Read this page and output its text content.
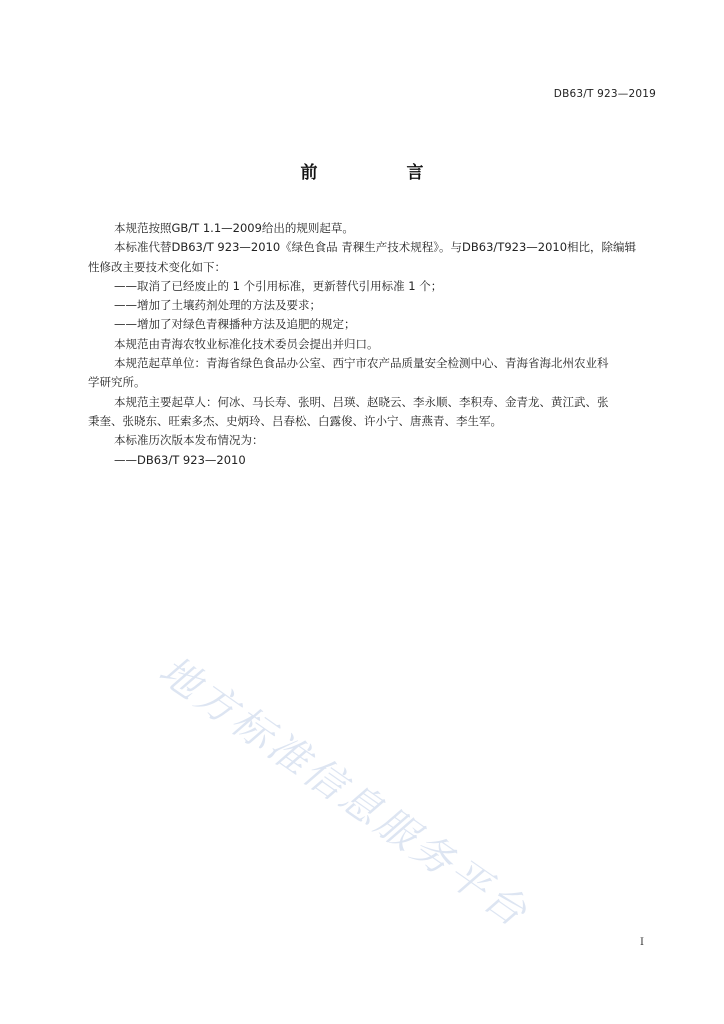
DB63/T 923—2019
前　言

本规范按照GB/T 1.1—2009给出的规则起草。

本标准代替DB63/T 923—2010《绿色食品 青稞生产技术规程》。与DB63/T923—2010相比，除编辑

性修改主要技术变化如下：

——取消了已经废止的 1 个引用标准，更新替代引用标准 1 个；

——增加了土壤药剂处理的方法及要求；

——增加了对绿色青稞播种方法及追肥的规定；

本规范由青海农牧业标准化技术委员会提出并归口。

本规范起草单位：青海省绿色食品办公室、西宁市农产品质量安全检测中心、青海省海北州农业科

学研究所。

本规范主要起草人：何冰、马长寿、张明、吕瑛、赵晓云、李永顺、李积寿、金青龙、黄江武、张

秉奎、张晓东、旺索多杰、史炳玲、吕春松、白露俊、许小宁、唐燕青、李生军。

本标准历次版本发布情况为：

——DB63/T 923—2010

地方标准信息服务平台
I
